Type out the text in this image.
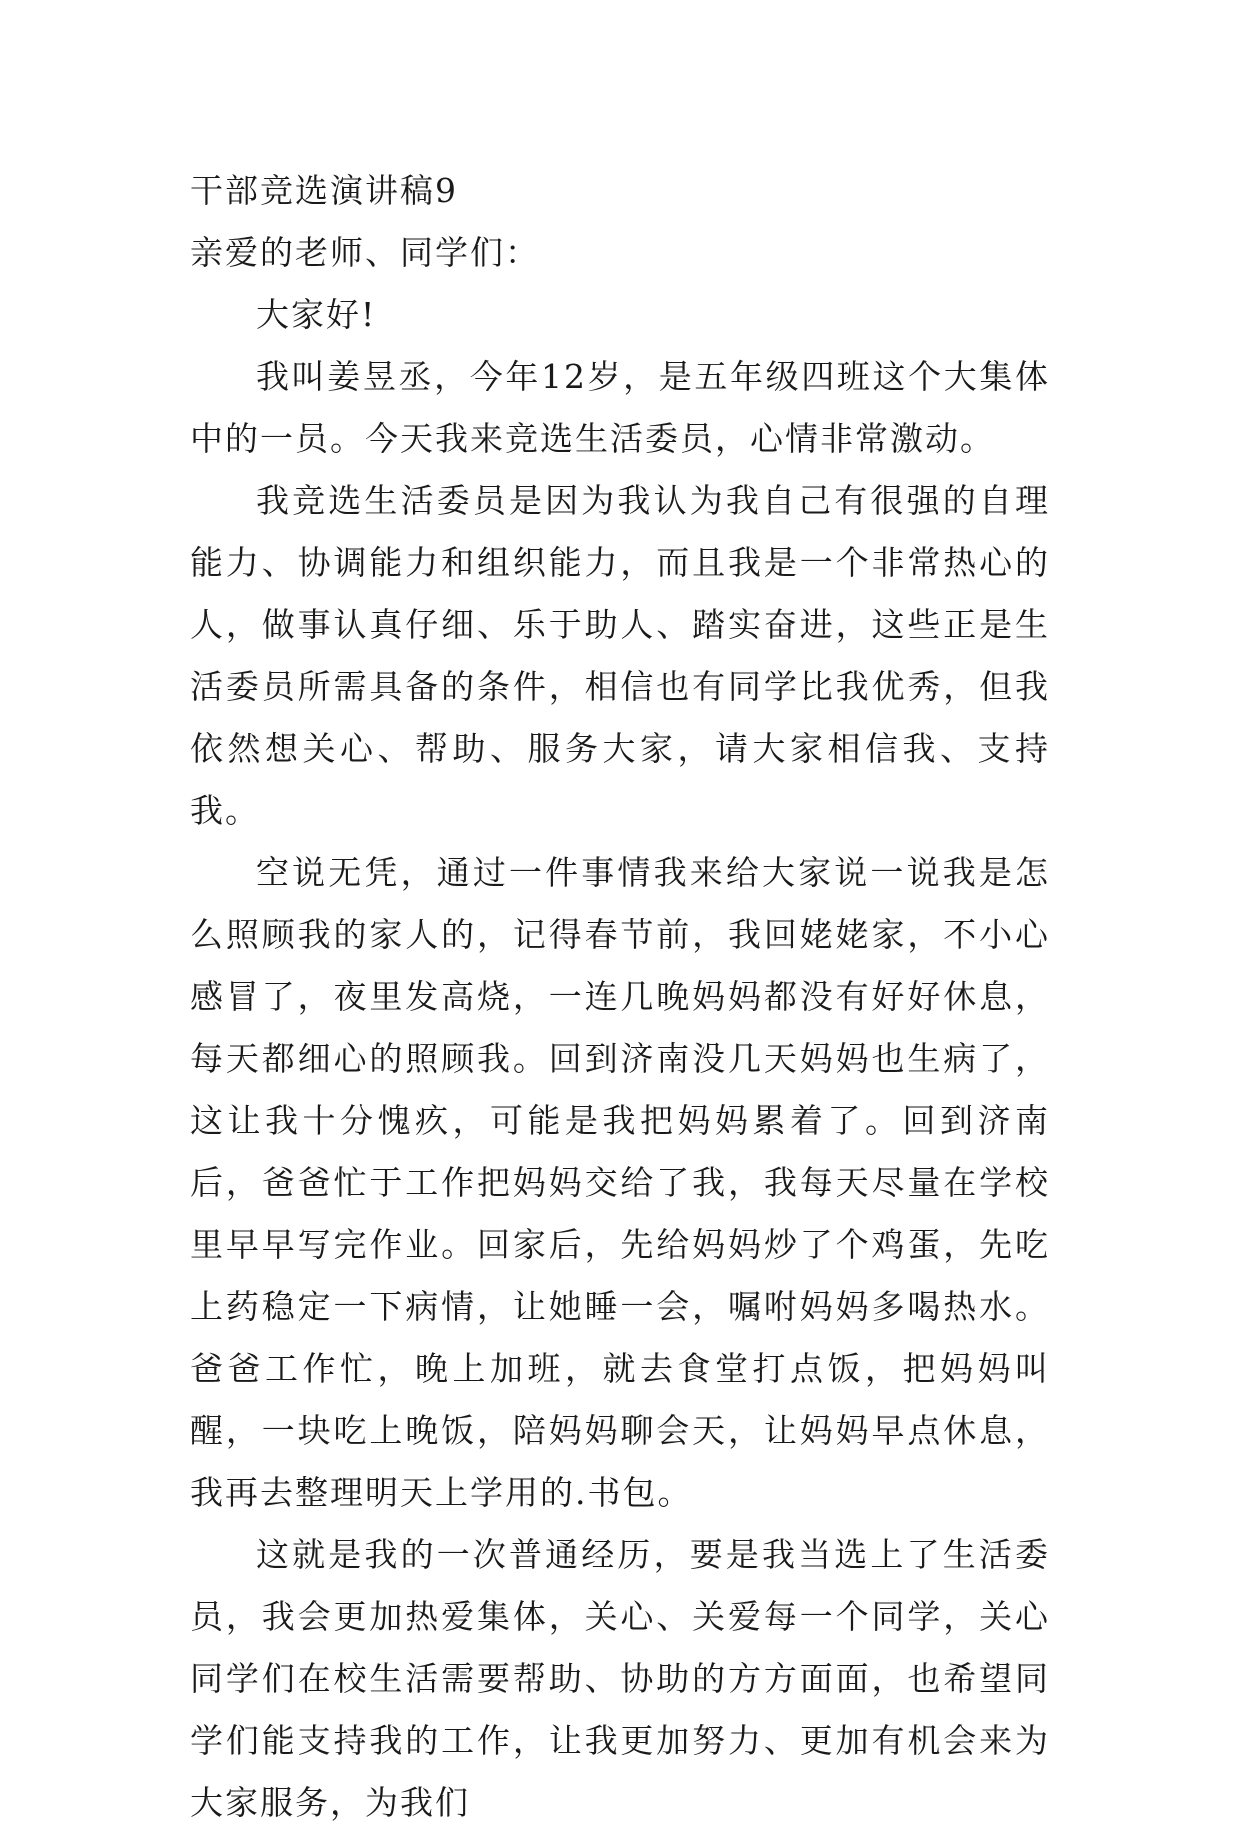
干部竞选演讲稿9

亲爱的老师、同学们：

大家好!

我叫姜昱丞，今年12岁，是五年级四班这个大集体中的一员。今天我来竞选生活委员，心情非常激动。

我竞选生活委员是因为我认为我自己有很强的自理能力、协调能力和组织能力，而且我是一个非常热心的人，做事认真仔细、乐于助人、踏实奋进，这些正是生活委员所需具备的条件，相信也有同学比我优秀，但我依然想关心、帮助、服务大家，请大家相信我、支持我。

空说无凭，通过一件事情我来给大家说一说我是怎么照顾我的家人的，记得春节前，我回姥姥家，不小心感冒了，夜里发高烧，一连几晚妈妈都没有好好休息，每天都细心的照顾我。回到济南没几天妈妈也生病了，这让我十分愧疚，可能是我把妈妈累着了。回到济南后，爸爸忙于工作把妈妈交给了我，我每天尽量在学校里早早写完作业。回家后，先给妈妈炒了个鸡蛋，先吃上药稳定一下病情，让她睡一会，嘱咐妈妈多喝热水。爸爸工作忙，晚上加班，就去食堂打点饭，把妈妈叫醒，一块吃上晚饭，陪妈妈聊会天，让妈妈早点休息，我再去整理明天上学用的.书包。

这就是我的一次普通经历，要是我当选上了生活委员，我会更加热爱集体，关心、关爱每一个同学，关心同学们在校生活需要帮助、协助的方方面面，也希望同学们能支持我的工作，让我更加努力、更加有机会来为大家服务，为我们
